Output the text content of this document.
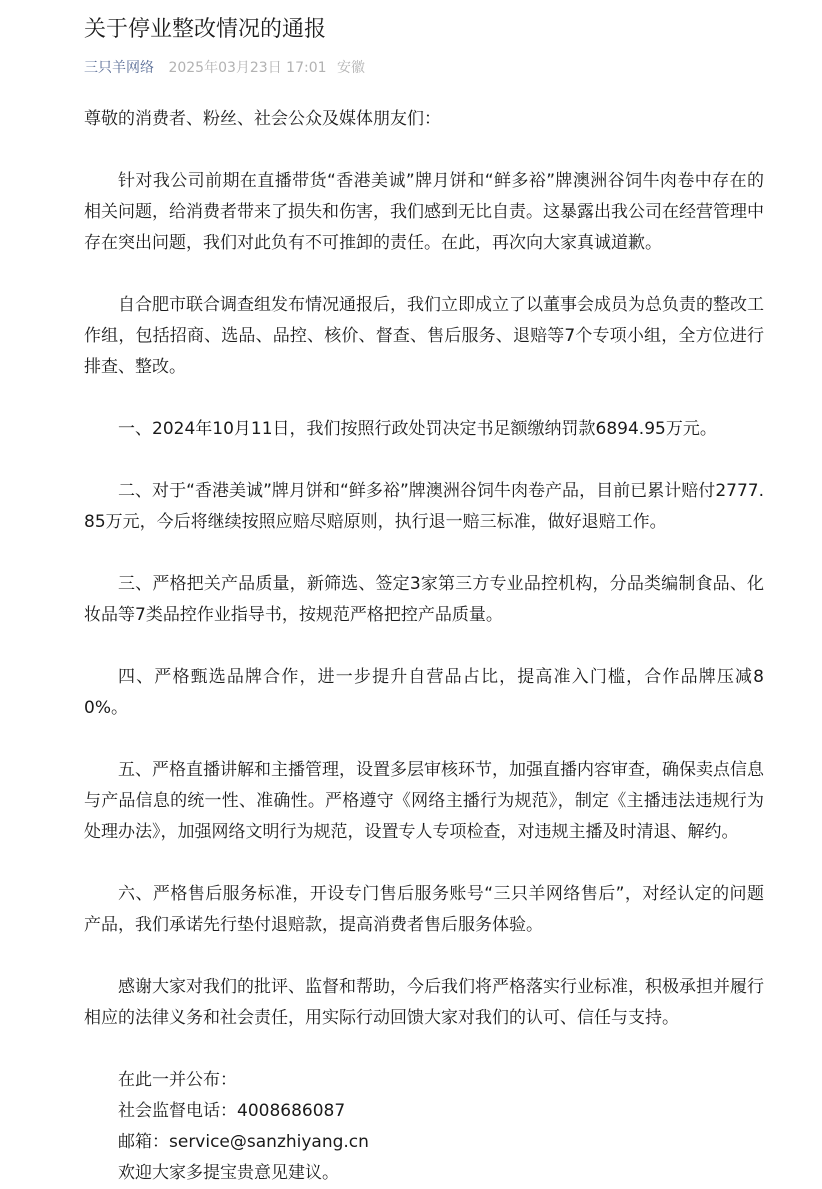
关于停业整改情况的通报
三只羊网络 2025年03月23日 17:01 安徽

尊敬的消费者、粉丝、社会公众及媒体朋友们：

针对我公司前期在直播带货“香港美诚”牌月饼和“鲜多裕”牌澳洲谷饲牛肉卷中存在的相关问题，给消费者带来了损失和伤害，我们感到无比自责。这暴露出我公司在经营管理中存在突出问题，我们对此负有不可推卸的责任。在此，再次向大家真诚道歉。

自合肥市联合调查组发布情况通报后，我们立即成立了以董事会成员为总负责的整改工作组，包括招商、选品、品控、核价、督查、售后服务、退赔等7个专项小组，全方位进行排查、整改。

一、2024年10月11日，我们按照行政处罚决定书足额缴纳罚款6894.95万元。

二、对于“香港美诚”牌月饼和“鲜多裕”牌澳洲谷饲牛肉卷产品，目前已累计赔付2777.85万元，今后将继续按照应赔尽赔原则，执行退一赔三标准，做好退赔工作。

三、严格把关产品质量，新筛选、签定3家第三方专业品控机构，分品类编制食品、化妆品等7类品控作业指导书，按规范严格把控产品质量。

四、严格甄选品牌合作，进一步提升自营品占比，提高准入门槛，合作品牌压减80%。

五、严格直播讲解和主播管理，设置多层审核环节，加强直播内容审查，确保卖点信息与产品信息的统一性、准确性。严格遵守《网络主播行为规范》，制定《主播违法违规行为处理办法》，加强网络文明行为规范，设置专人专项检查，对违规主播及时清退、解约。

六、严格售后服务标准，开设专门售后服务账号“三只羊网络售后”，对经认定的问题产品，我们承诺先行垫付退赔款，提高消费者售后服务体验。

感谢大家对我们的批评、监督和帮助，今后我们将严格落实行业标准，积极承担并履行相应的法律义务和社会责任，用实际行动回馈大家对我们的认可、信任与支持。

在此一并公布：

社会监督电话：4008686087

邮箱：service@sanzhiyang.cn

欢迎大家多提宝贵意见建议。
